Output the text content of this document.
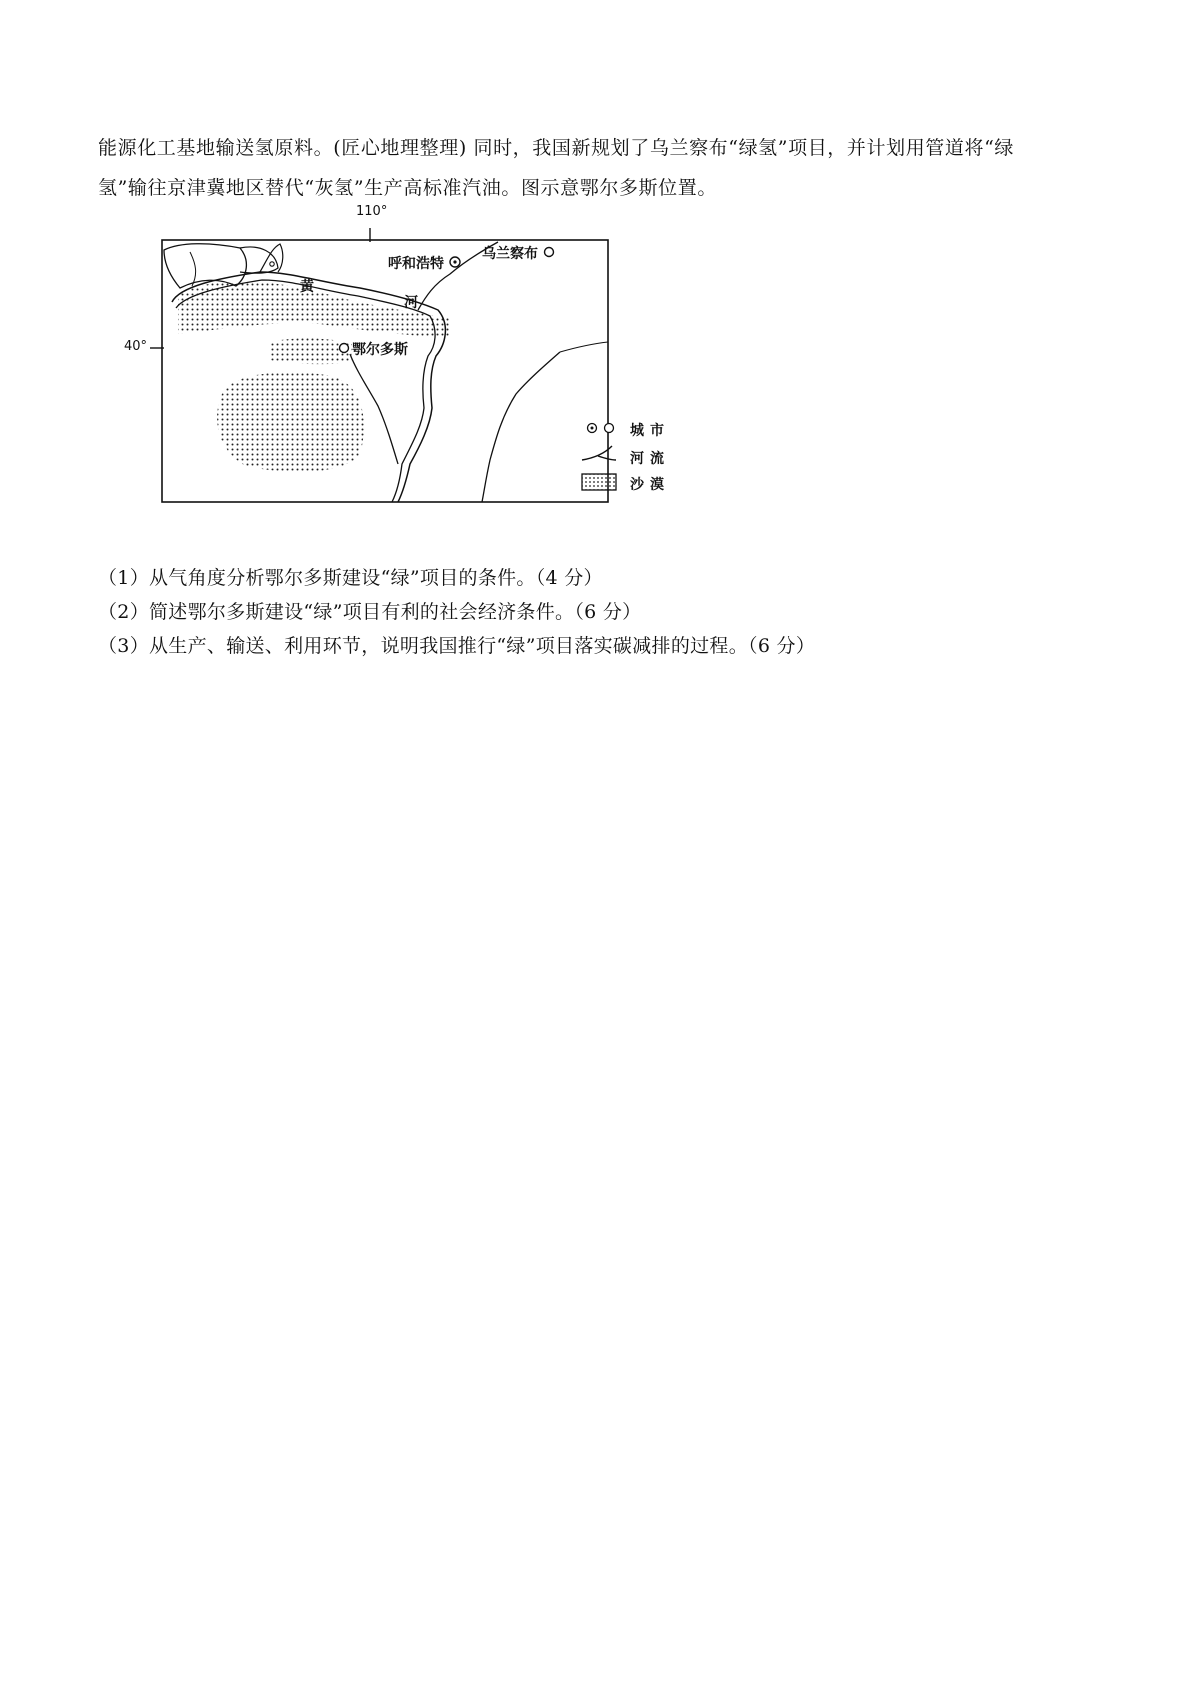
能源化工基地输送氢原料。(匠心地理整理) 同时，我国新规划了乌兰察布“绿氢”项目，并计划用管道将“绿
氢”输往京津冀地区替代“灰氢”生产高标准汽油。图示意鄂尔多斯位置。
110°
40°
呼和浩特
乌兰察布
鄂尔多斯
黄
河
城市
河流
沙漠
（1）从气角度分析鄂尔多斯建设“绿”项目的条件。（4 分）
（2）简述鄂尔多斯建设“绿”项目有利的社会经济条件。（6 分）
（3）从生产、输送、利用环节，说明我国推行“绿”项目落实碳减排的过程。（6 分）
